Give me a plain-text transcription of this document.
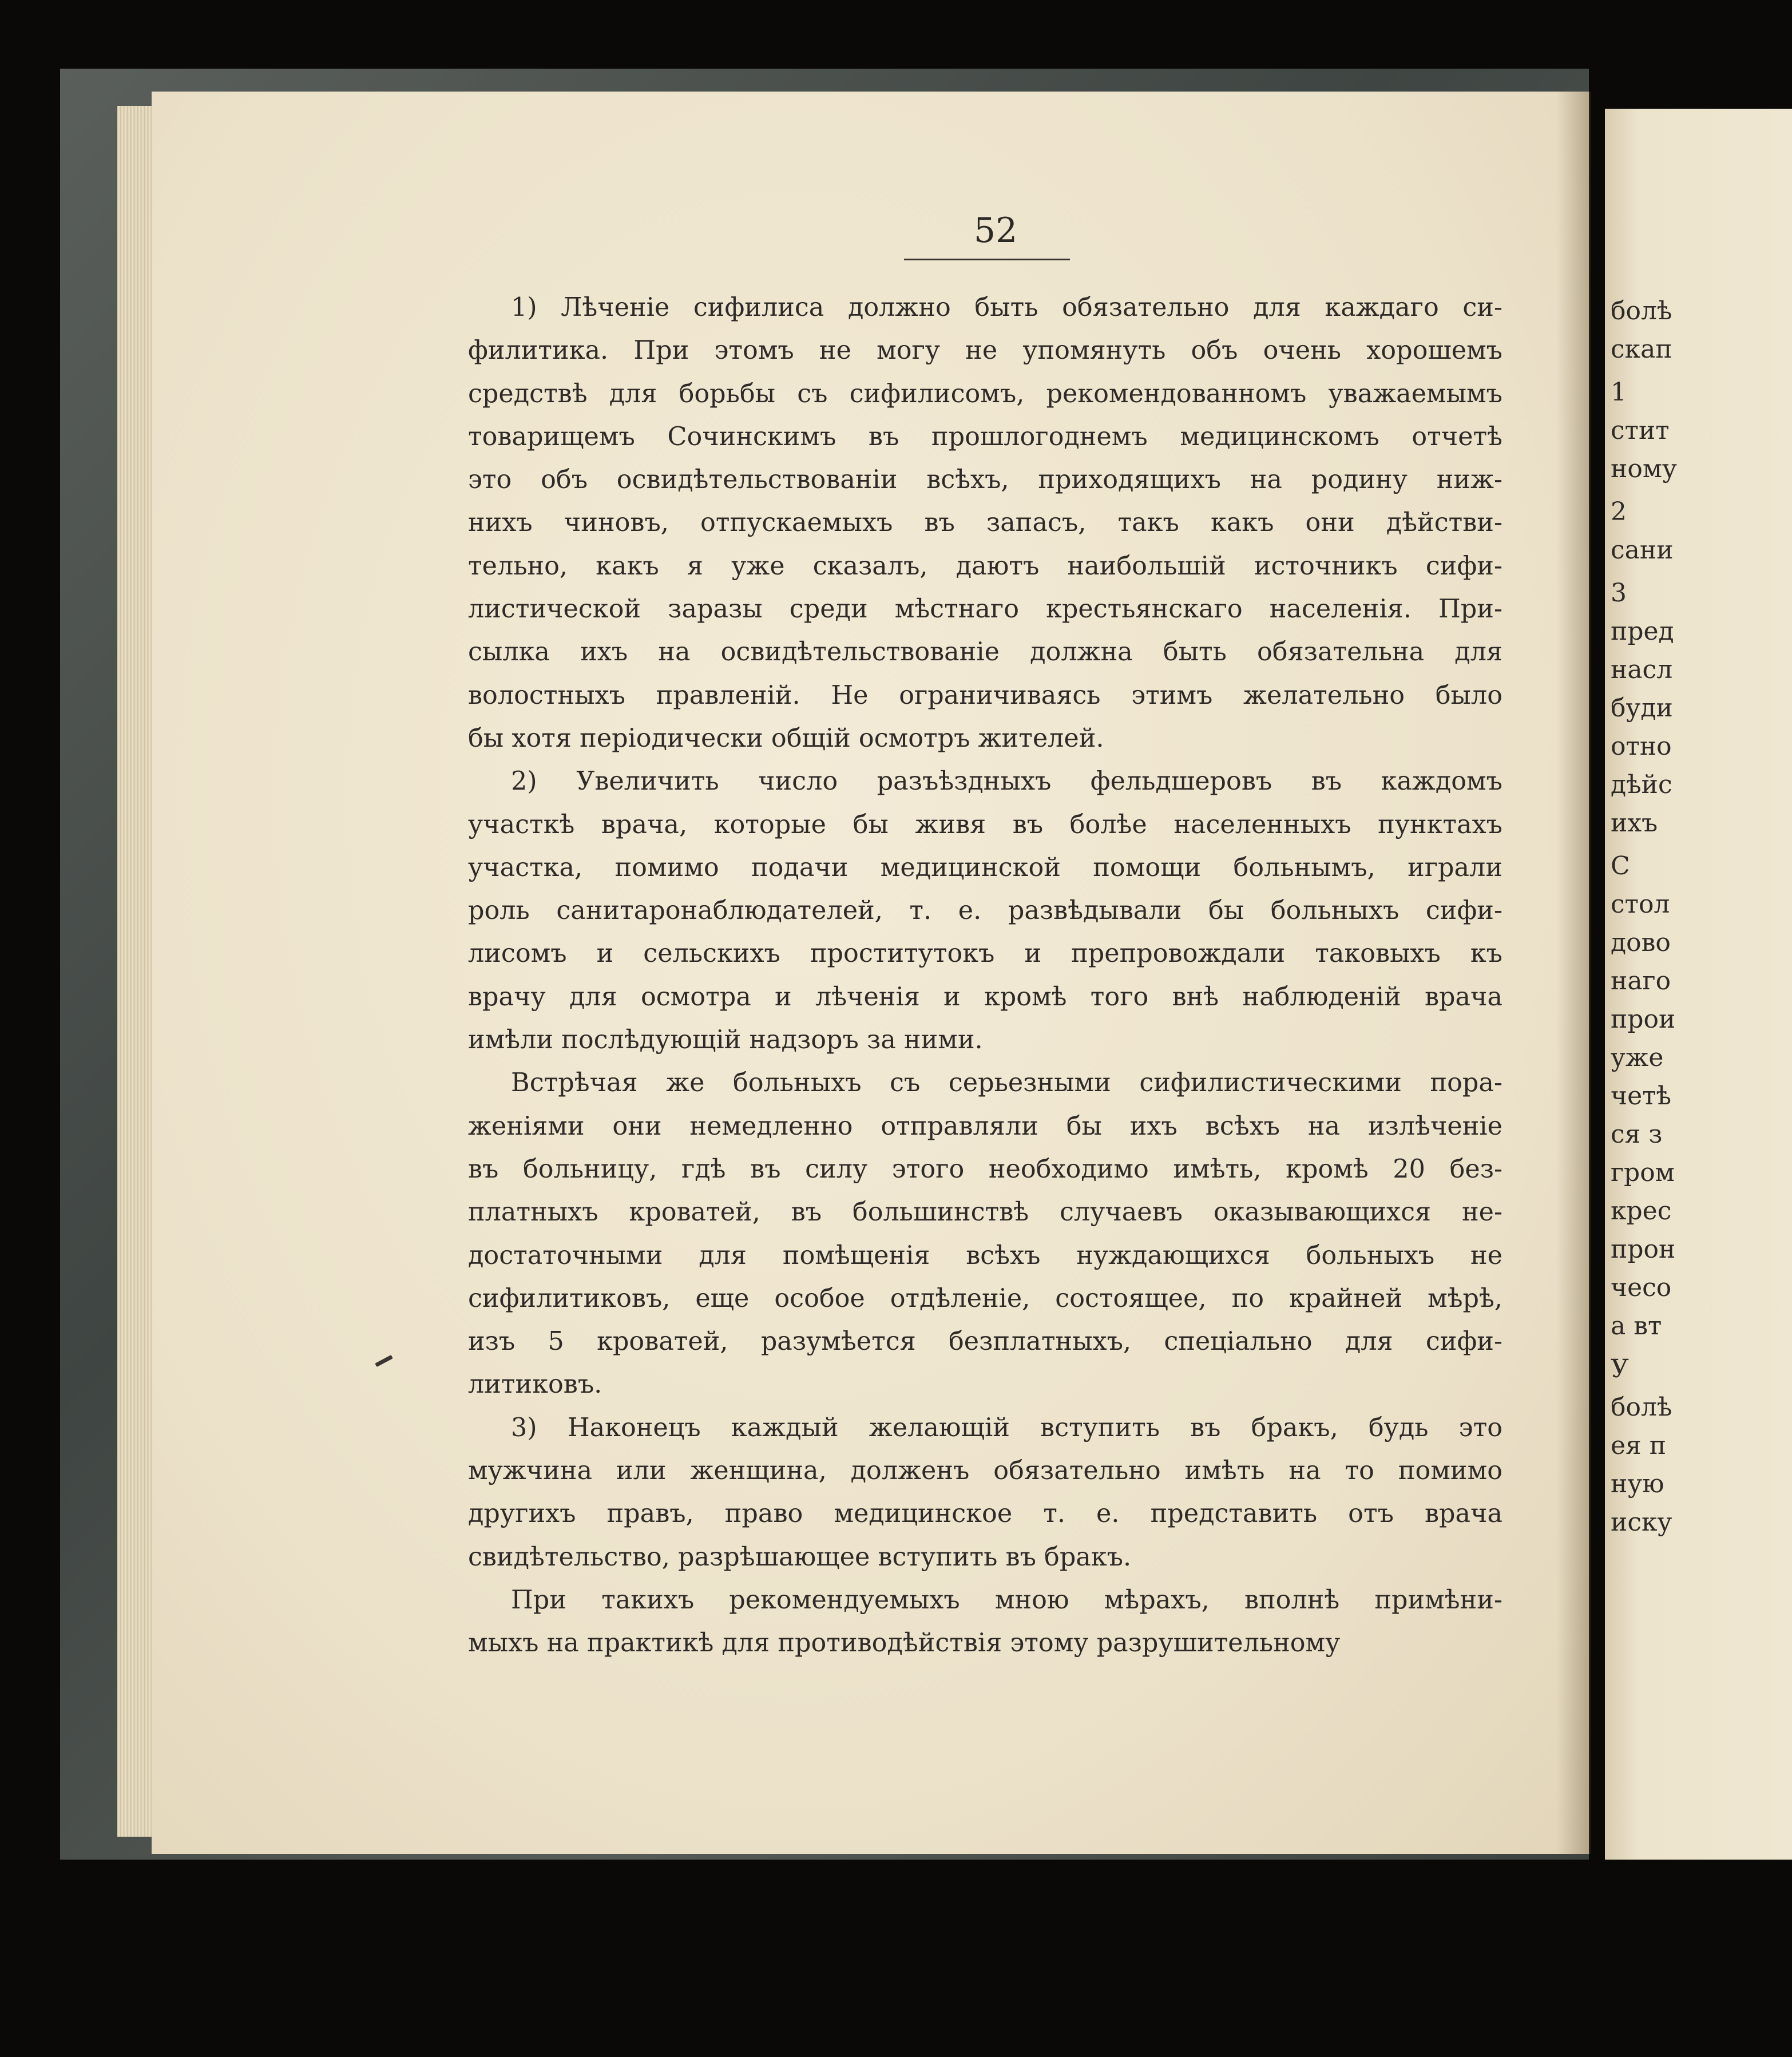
52
1) Лѣченіе сифилиса должно быть обязательно для каждаго си-
филитика. При этомъ не могу не упомянуть объ очень хорошемъ
средствѣ для борьбы съ сифилисомъ, рекомендованномъ уважаемымъ
товарищемъ Сочинскимъ въ прошлогоднемъ медицинскомъ отчетѣ
это объ освидѣтельствованіи всѣхъ, приходящихъ на родину ниж-
нихъ чиновъ, отпускаемыхъ въ запасъ, такъ какъ они дѣйстви-
тельно, какъ я уже сказалъ, даютъ наибольшій источникъ сифи-
листической заразы среди мѣстнаго крестьянскаго населенія. При-
сылка ихъ на освидѣтельствованіе должна быть обязательна для
волостныхъ правленій. Не ограничиваясь этимъ желательно было
бы хотя періодически общій осмотръ жителей.
2) Увеличить число разъѣздныхъ фельдшеровъ въ каждомъ
участкѣ врача, которые бы живя въ болѣе населенныхъ пунктахъ
участка, помимо подачи медицинской помощи больнымъ, играли
роль санитаронаблюдателей, т. е. развѣдывали бы больныхъ сифи-
лисомъ и сельскихъ проститутокъ и препровождали таковыхъ къ
врачу для осмотра и лѣченія и кромѣ того внѣ наблюденій врача
имѣли послѣдующій надзоръ за ними.
Встрѣчая же больныхъ съ серьезными сифилистическими пора-
женіями они немедленно отправляли бы ихъ всѣхъ на излѣченіе
въ больницу, гдѣ въ силу этого необходимо имѣть, кромѣ 20 без-
платныхъ кроватей, въ большинствѣ случаевъ оказывающихся не-
достаточными для помѣщенія всѣхъ нуждающихся больныхъ не
сифилитиковъ, еще особое отдѣленіе, состоящее, по крайней мѣрѣ,
изъ 5 кроватей, разумѣется безплатныхъ, спеціально для сифи-
литиковъ.
3) Наконецъ каждый желающій вступить въ бракъ, будь это
мужчина или женщина, долженъ обязательно имѣть на то помимо
другихъ правъ, право медицинское т. е. представить отъ врача
свидѣтельство, разрѣшающее вступить въ бракъ.
При такихъ рекомендуемыхъ мною мѣрахъ, вполнѣ примѣни-
мыхъ на практикѣ для противодѣйствія этому разрушительному
болѣ
скап
1
стит
ному
2
сани
3
пред
насл
буди
отно
дѣйс
ихъ
С
стол
дово
наго
прои
уже
четѣ
ся з
гром
крес
прон
чесо
а вт
У
болѣ
ея п
ную
иску
